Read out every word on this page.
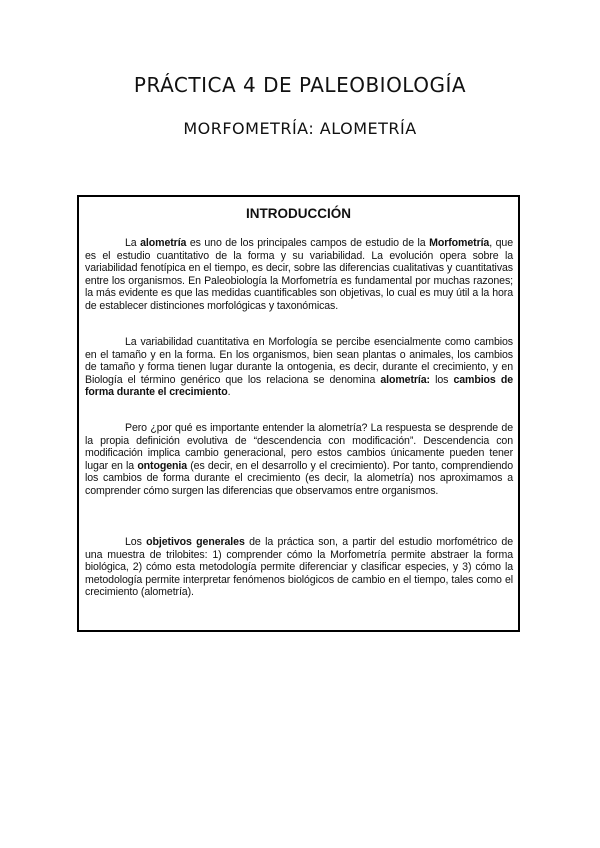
PRÁCTICA 4 DE PALEOBIOLOGÍA
MORFOMETRÍA: ALOMETRÍA
INTRODUCCIÓN

La alometría es uno de los principales campos de estudio de la Morfometría, que es el estudio cuantitativo de la forma y su variabilidad. La evolución opera sobre la variabilidad fenotípica en el tiempo, es decir, sobre las diferencias cualitativas y cuantitativas entre los organismos. En Paleobiología la Morfometría es fundamental por muchas razones; la más evidente es que las medidas cuantificables son objetivas, lo cual es muy útil a la hora de establecer distinciones morfológicas y taxonómicas.

La variabilidad cuantitativa en Morfología se percibe esencialmente como cambios en el tamaño y en la forma. En los organismos, bien sean plantas o animales, los cambios de tamaño y forma tienen lugar durante la ontogenia, es decir, durante el crecimiento, y en Biología el término genérico que los relaciona se denomina alometría: los cambios de forma durante el crecimiento.

Pero ¿por qué es importante entender la alometría? La respuesta se desprende de la propia definición evolutiva de “descendencia con modificación”. Descendencia con modificación implica cambio generacional, pero estos cambios únicamente pueden tener lugar en la ontogenia (es decir, en el desarrollo y el crecimiento). Por tanto, comprendiendo los cambios de forma durante el crecimiento (es decir, la alometría) nos aproximamos a comprender cómo surgen las diferencias que observamos entre organismos.

Los objetivos generales de la práctica son, a partir del estudio morfométrico de una muestra de trilobites: 1) comprender cómo la Morfometría permite abstraer la forma biológica, 2) cómo esta metodología permite diferenciar y clasificar especies, y 3) cómo la metodología permite interpretar fenómenos biológicos de cambio en el tiempo, tales como el crecimiento (alometría).
